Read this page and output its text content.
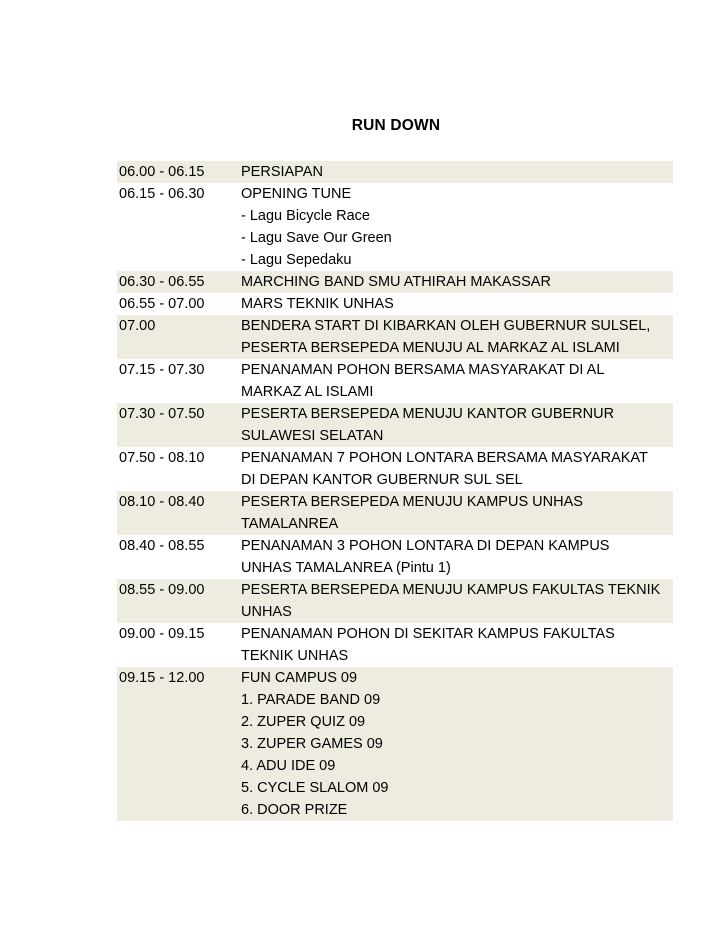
RUN DOWN
06.00 - 06.15	PERSIAPAN
06.15 - 06.30	OPENING TUNE
- Lagu Bicycle Race
- Lagu Save Our Green
- Lagu Sepedaku
06.30 - 06.55	MARCHING BAND SMU ATHIRAH MAKASSAR
06.55 - 07.00	MARS TEKNIK UNHAS
07.00	BENDERA START DI KIBARKAN OLEH GUBERNUR SULSEL,
PESERTA BERSEPEDA MENUJU AL MARKAZ AL ISLAMI
07.15 - 07.30	PENANAMAN POHON BERSAMA MASYARAKAT DI AL
MARKAZ AL ISLAMI
07.30 - 07.50	PESERTA BERSEPEDA MENUJU KANTOR GUBERNUR
SULAWESI SELATAN
07.50 - 08.10	PENANAMAN 7 POHON LONTARA BERSAMA MASYARAKAT
DI DEPAN KANTOR GUBERNUR SUL SEL
08.10 - 08.40	PESERTA BERSEPEDA MENUJU KAMPUS UNHAS
TAMALANREA
08.40 - 08.55	PENANAMAN 3 POHON LONTARA DI DEPAN KAMPUS
UNHAS TAMALANREA (Pintu 1)
08.55 - 09.00	PESERTA BERSEPEDA MENUJU KAMPUS FAKULTAS TEKNIK
UNHAS
09.00 - 09.15	PENANAMAN POHON DI SEKITAR KAMPUS FAKULTAS
TEKNIK UNHAS
09.15 - 12.00	FUN CAMPUS 09
1. PARADE BAND 09
2. ZUPER QUIZ 09
3. ZUPER GAMES 09
4. ADU IDE 09
5. CYCLE SLALOM 09
6. DOOR PRIZE
